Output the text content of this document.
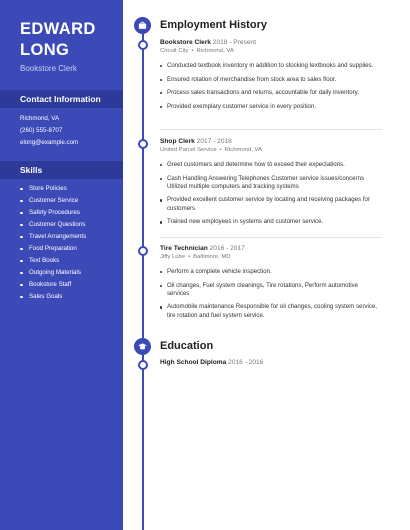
EDWARD
LONG
Bookstore Clerk
Contact Information
Richmond, VA
(260) 555-8707
elong@example.com
Skills
Store Policies
Customer Service
Safety Procedures
Customer Questions
Travel Arrangements
Food Preparation
Text Books
Outgoing Materials
Bookstore Staff
Sales Goals
Employment History
Bookstore Clerk 2018 - Present
Circuit City • Richmond, VA
Conducted textbook inventory in addition to stocking textbooks and supplies.
Ensured rotation of merchandise from stock area to sales floor.
Process sales transactions and returns, accountable for daily inventory.
Provided exemplary customer service in every position.
Shop Clerk 2017 - 2018
United Parcel Service • Richmond, VA
Greet customers and determine how to exceed their expectations.
Cash Handling Answering Telephones Customer service issues/concerns Utilized multiple computers and tracking systems
Provided excellent customer service by locating and receiving packages for customers
Trained new employees in systems and customer service.
Tire Technician 2016 - 2017
Jiffy Lube • Baltimore, MD
Perform a complete vehicle inspection.
Oil changes, Fuel system cleanings, Tire rotations, Perform automotive services
Automobile maintenance Responsible for oil changes, cooling system service, tire rotation and fuel system service.
Education
High School Diploma 2016 - 2016
